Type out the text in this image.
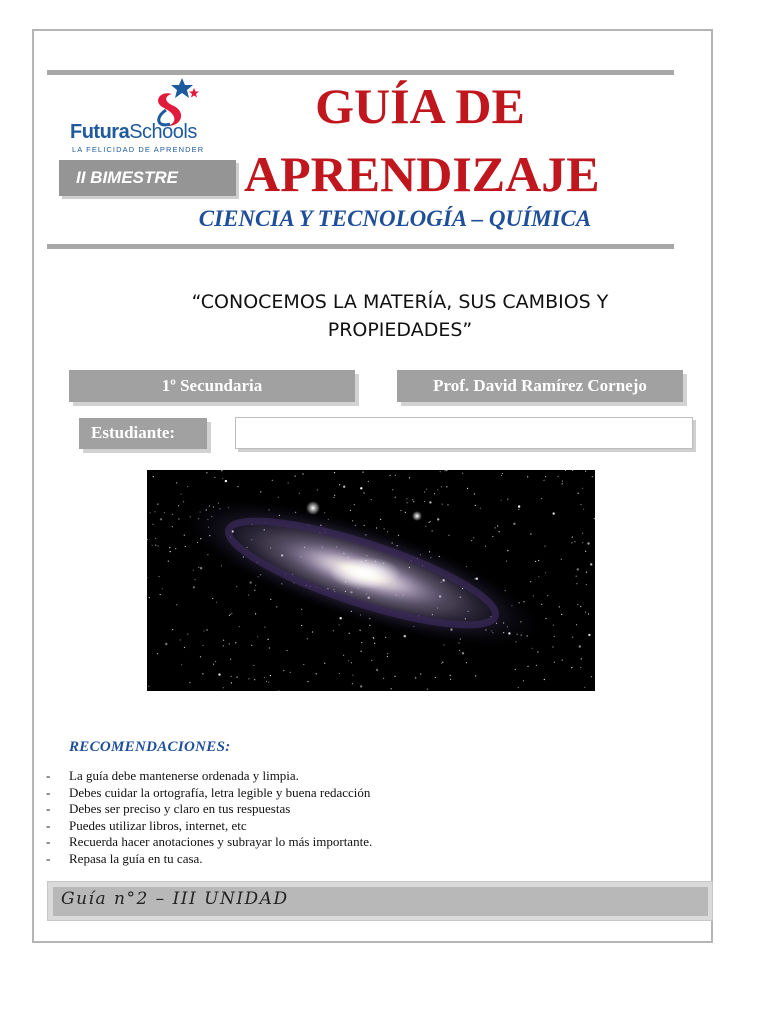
FuturaSchools
LA FELICIDAD DE APRENDER
II BIMESTRE
GUÍA DE
APRENDIZAJE
CIENCIA Y TECNOLOGÍA – QUÍMICA
“CONOCEMOS LA MATERÍA, SUS CAMBIOS Y
PROPIEDADES”
1º Secundaria	Prof. David Ramírez Cornejo
Estudiante:
RECOMENDACIONES:
- La guía debe mantenerse ordenada y limpia.
- Debes cuidar la ortografía, letra legible y buena redacción
- Debes ser preciso y claro en tus respuestas
- Puedes utilizar libros, internet, etc
- Recuerda hacer anotaciones y subrayar lo más importante.
- Repasa la guía en tu casa.
Guía n°2 – III UNIDAD
